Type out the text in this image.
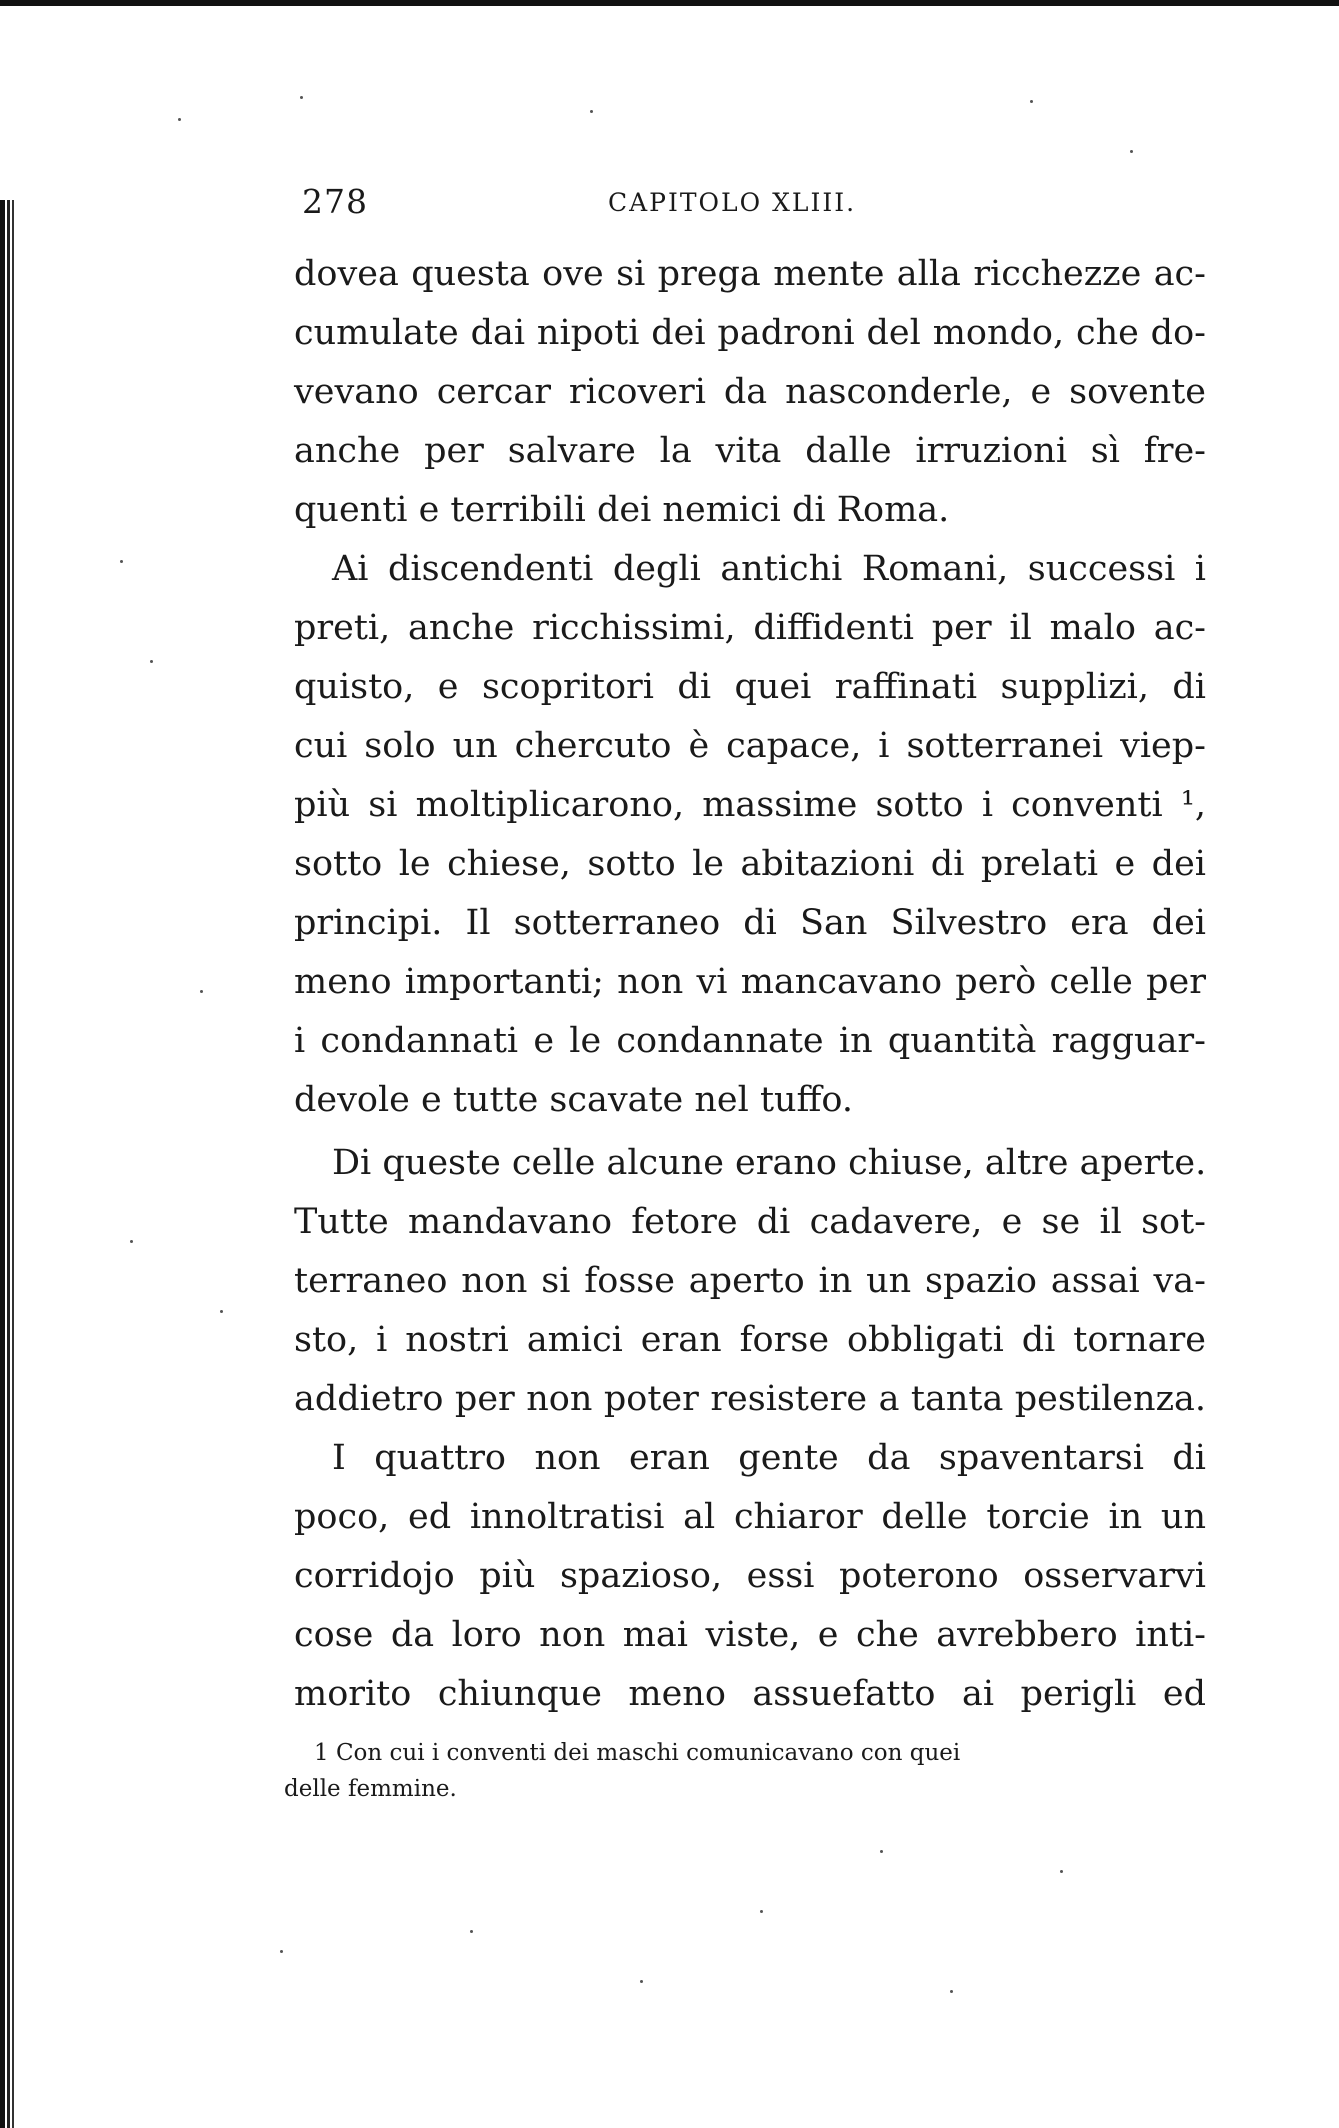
278	CAPITOLO XLIII.
dovea questa ove si prega mente alla ricchezze ac-
cumulate dai nipoti dei padroni del mondo, che do-
vevano cercar ricoveri da nasconderle, e sovente
anche per salvare la vita dalle irruzioni sì fre-
quenti e terribili dei nemici di Roma.
Ai discendenti degli antichi Romani, successi i
preti, anche ricchissimi, diffidenti per il malo ac-
quisto, e scopritori di quei raffinati supplizi, di
cui solo un chercuto è capace, i sotterranei viep-
più si moltiplicarono, massime sotto i conventi ¹,
sotto le chiese, sotto le abitazioni di prelati e dei
principi. Il sotterraneo di San Silvestro era dei
meno importanti; non vi mancavano però celle per
i condannati e le condannate in quantità ragguar-
devole e tutte scavate nel tuffo.
Di queste celle alcune erano chiuse, altre aperte.
Tutte mandavano fetore di cadavere, e se il sot-
terraneo non si fosse aperto in un spazio assai va-
sto, i nostri amici eran forse obbligati di tornare
addietro per non poter resistere a tanta pestilenza.
I quattro non eran gente da spaventarsi di
poco, ed innoltratisi al chiaror delle torcie in un
corridojo più spazioso, essi poterono osservarvi
cose da loro non mai viste, e che avrebbero inti-
morito chiunque meno assuefatto ai perigli ed
1 Con cui i conventi dei maschi comunicavano con quei
delle femmine.
